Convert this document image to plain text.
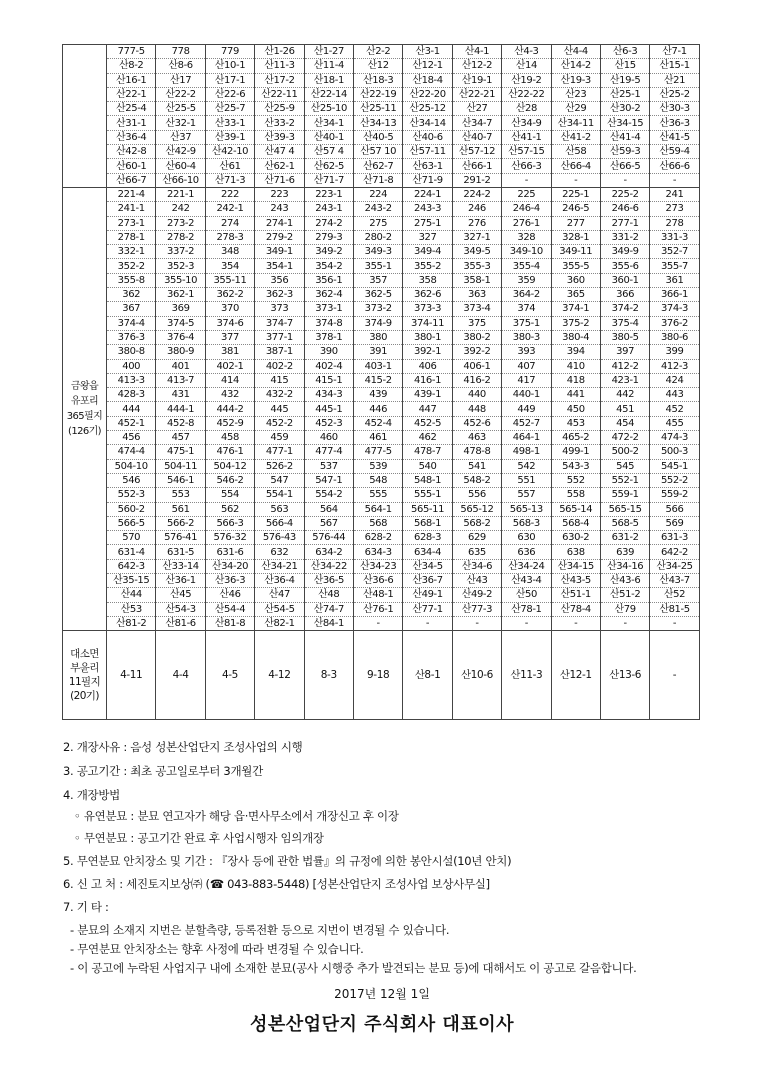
	777-5	778	779	산1-26	산1-27	산2-2	산3-1	산4-1	산4-3	산4-4	산6-3	산7-1
	산8-2	산8-6	산10-1	산11-3	산11-4	산12	산12-1	산12-2	산14	산14-2	산15	산15-1
	산16-1	산17	산17-1	산17-2	산18-1	산18-3	산18-4	산19-1	산19-2	산19-3	산19-5	산21
	산22-1	산22-2	산22-6	산22-11	산22-14	산22-19	산22-20	산22-21	산22-22	산23	산25-1	산25-2
	산25-4	산25-5	산25-7	산25-9	산25-10	산25-11	산25-12	산27	산28	산29	산30-2	산30-3
	산31-1	산32-1	산33-1	산33-2	산34-1	산34-13	산34-14	산34-7	산34-9	산34-11	산34-15	산36-3
	산36-4	산37	산39-1	산39-3	산40-1	산40-5	산40-6	산40-7	산41-1	산41-2	산41-4	산41-5
	산42-8	산42-9	산42-10	산47 4	산57 4	산57 10	산57-11	산57-12	산57-15	산58	산59-3	산59-4
	산60-1	산60-4	산61	산62-1	산62-5	산62-7	산63-1	산66-1	산66-3	산66-4	산66-5	산66-6
	산66-7	산66-10	산71-3	산71-6	산71-7	산71-8	산71-9	291-2	-	-	-	-

금왕읍
유포리
365필지
(126기)	221-4	221-1	222	223	223-1	224	224-1	224-2	225	225-1	225-2	241
	241-1	242	242-1	243	243-1	243-2	243-3	246	246-4	246-5	246-6	273
	273-1	273-2	274	274-1	274-2	275	275-1	276	276-1	277	277-1	278
	278-1	278-2	278-3	279-2	279-3	280-2	327	327-1	328	328-1	331-2	331-3
	332-1	337-2	348	349-1	349-2	349-3	349-4	349-5	349-10	349-11	349-9	352-7
	352-2	352-3	354	354-1	354-2	355-1	355-2	355-3	355-4	355-5	355-6	355-7
	355-8	355-10	355-11	356	356-1	357	358	358-1	359	360	360-1	361
	362	362-1	362-2	362-3	362-4	362-5	362-6	363	364-2	365	366	366-1
	367	369	370	373	373-1	373-2	373-3	373-4	374	374-1	374-2	374-3
	374-4	374-5	374-6	374-7	374-8	374-9	374-11	375	375-1	375-2	375-4	376-2
	376-3	376-4	377	377-1	378-1	380	380-1	380-2	380-3	380-4	380-5	380-6
	380-8	380-9	381	387-1	390	391	392-1	392-2	393	394	397	399
	400	401	402-1	402-2	402-4	403-1	406	406-1	407	410	412-2	412-3
	413-3	413-7	414	415	415-1	415-2	416-1	416-2	417	418	423-1	424
	428-3	431	432	432-2	434-3	439	439-1	440	440-1	441	442	443
	444	444-1	444-2	445	445-1	446	447	448	449	450	451	452
	452-1	452-8	452-9	452-2	452-3	452-4	452-5	452-6	452-7	453	454	455
	456	457	458	459	460	461	462	463	464-1	465-2	472-2	474-3
	474-4	475-1	476-1	477-1	477-4	477-5	478-7	478-8	498-1	499-1	500-2	500-3
	504-10	504-11	504-12	526-2	537	539	540	541	542	543-3	545	545-1
	546	546-1	546-2	547	547-1	548	548-1	548-2	551	552	552-1	552-2
	552-3	553	554	554-1	554-2	555	555-1	556	557	558	559-1	559-2
	560-2	561	562	563	564	564-1	565-11	565-12	565-13	565-14	565-15	566
	566-5	566-2	566-3	566-4	567	568	568-1	568-2	568-3	568-4	568-5	569
	570	576-41	576-32	576-43	576-44	628-2	628-3	629	630	630-2	631-2	631-3
	631-4	631-5	631-6	632	634-2	634-3	634-4	635	636	638	639	642-2
	642-3	산33-14	산34-20	산34-21	산34-22	산34-23	산34-5	산34-6	산34-24	산34-15	산34-16	산34-25
	산35-15	산36-1	산36-3	산36-4	산36-5	산36-6	산36-7	산43	산43-4	산43-5	산43-6	산43-7
	산44	산45	산46	산47	산48	산48-1	산49-1	산49-2	산50	산51-1	산51-2	산52
	산53	산54-3	산54-4	산54-5	산74-7	산76-1	산77-1	산77-3	산78-1	산78-4	산79	산81-5
	산81-2	산81-6	산81-8	산82-1	산84-1	-	-	-	-	-	-	-

대소면
부윤리
11필지
(20기)	4-11	4-4	4-5	4-12	8-3	9-18	산8-1	산10-6	산11-3	산12-1	산13-6	-
2. 개장사유 : 음성 성본산업단지 조성사업의 시행
3. 공고기간 : 최초 공고일로부터 3개월간
4. 개장방법
◦ 유연분묘 : 분묘 연고자가 해당 읍·면사무소에서 개장신고 후 이장
◦ 무연분묘 : 공고기간 완료 후 사업시행자 임의개장
5. 무연분묘 안치장소 및 기간 : 『장사 등에 관한 법률』의 규정에 의한 봉안시설(10년 안치)
6. 신 고 처 : 세진토지보상㈜ (☎ 043-883-5448) [성본산업단지 조성사업 보상사무실]
7. 기 타 :
- 분묘의 소재지 지번은 분할측량, 등록전환 등으로 지번이 변경될 수 있습니다.
- 무연분묘 안치장소는 향후 사정에 따라 변경될 수 있습니다.
2017년 12월 1일
성본산업단지 주식회사 대표이사
- 이 공고에 누락된 사업지구 내에 소재한 분묘(공사 시행중 추가 발견되는 분묘 등)에 대해서도 이 공고로 갈음합니다.
